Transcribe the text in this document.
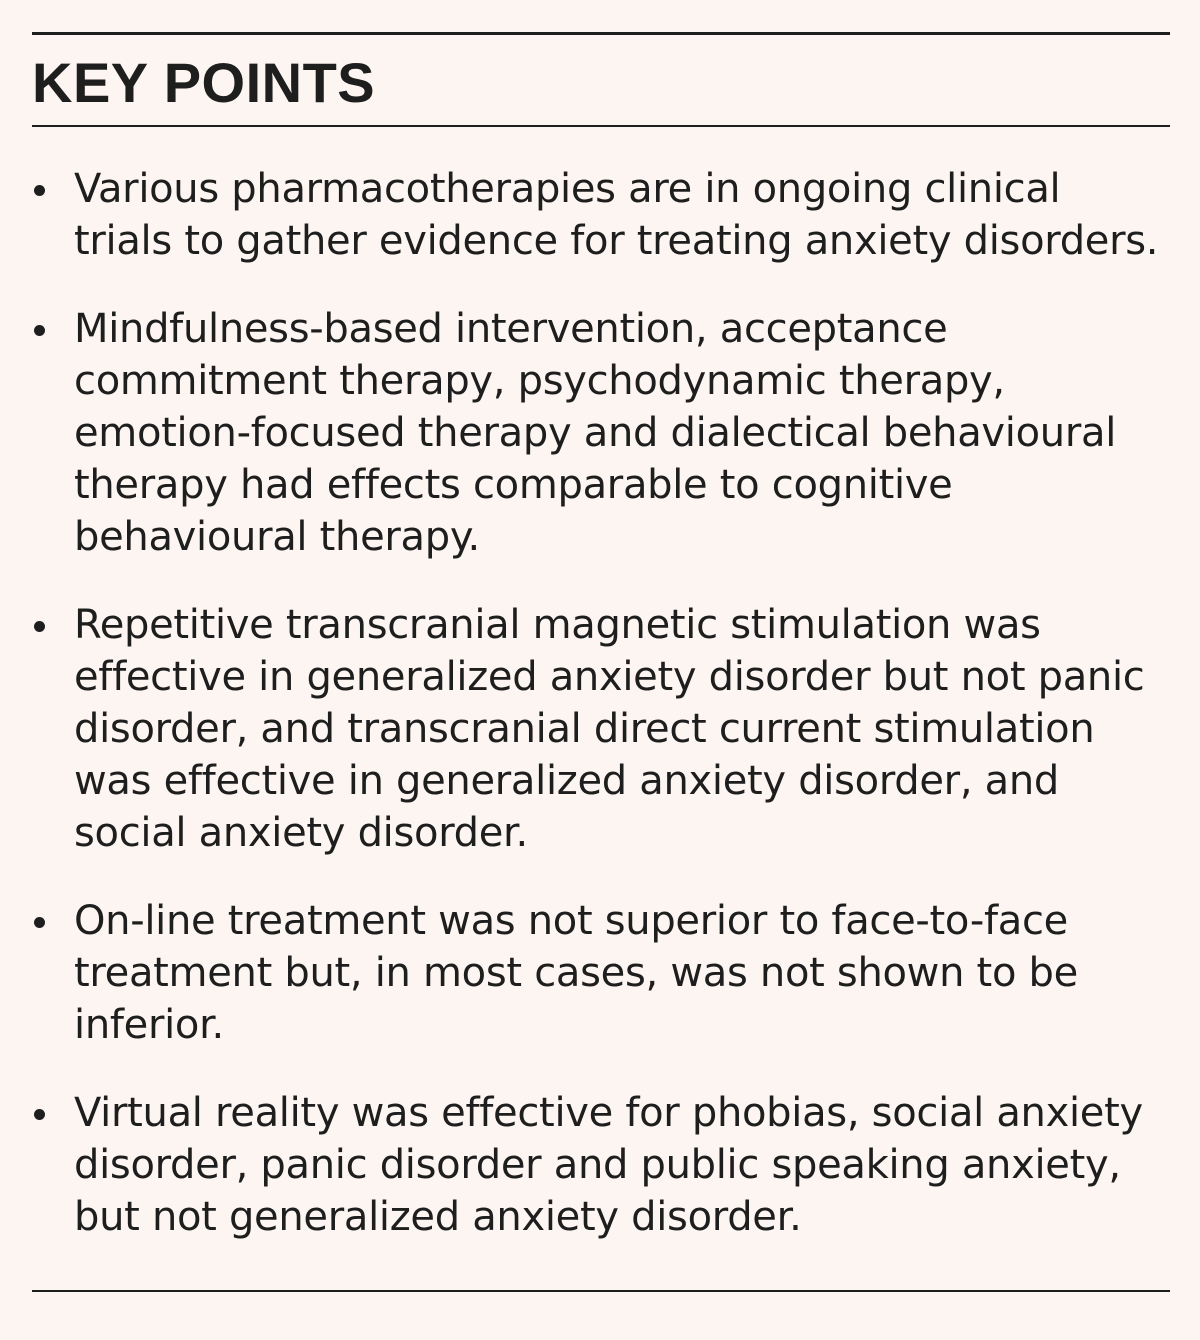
KEY POINTS
Various pharmacotherapies are in ongoing clinical trials to gather evidence for treating anxiety disorders.
Mindfulness-based intervention, acceptance commitment therapy, psychodynamic therapy, emotion-focused therapy and dialectical behavioural therapy had effects comparable to cognitive behavioural therapy.
Repetitive transcranial magnetic stimulation was effective in generalized anxiety disorder but not panic disorder, and transcranial direct current stimulation was effective in generalized anxiety disorder, and social anxiety disorder.
On-line treatment was not superior to face-to-face treatment but, in most cases, was not shown to be inferior.
Virtual reality was effective for phobias, social anxiety disorder, panic disorder and public speaking anxiety, but not generalized anxiety disorder.
